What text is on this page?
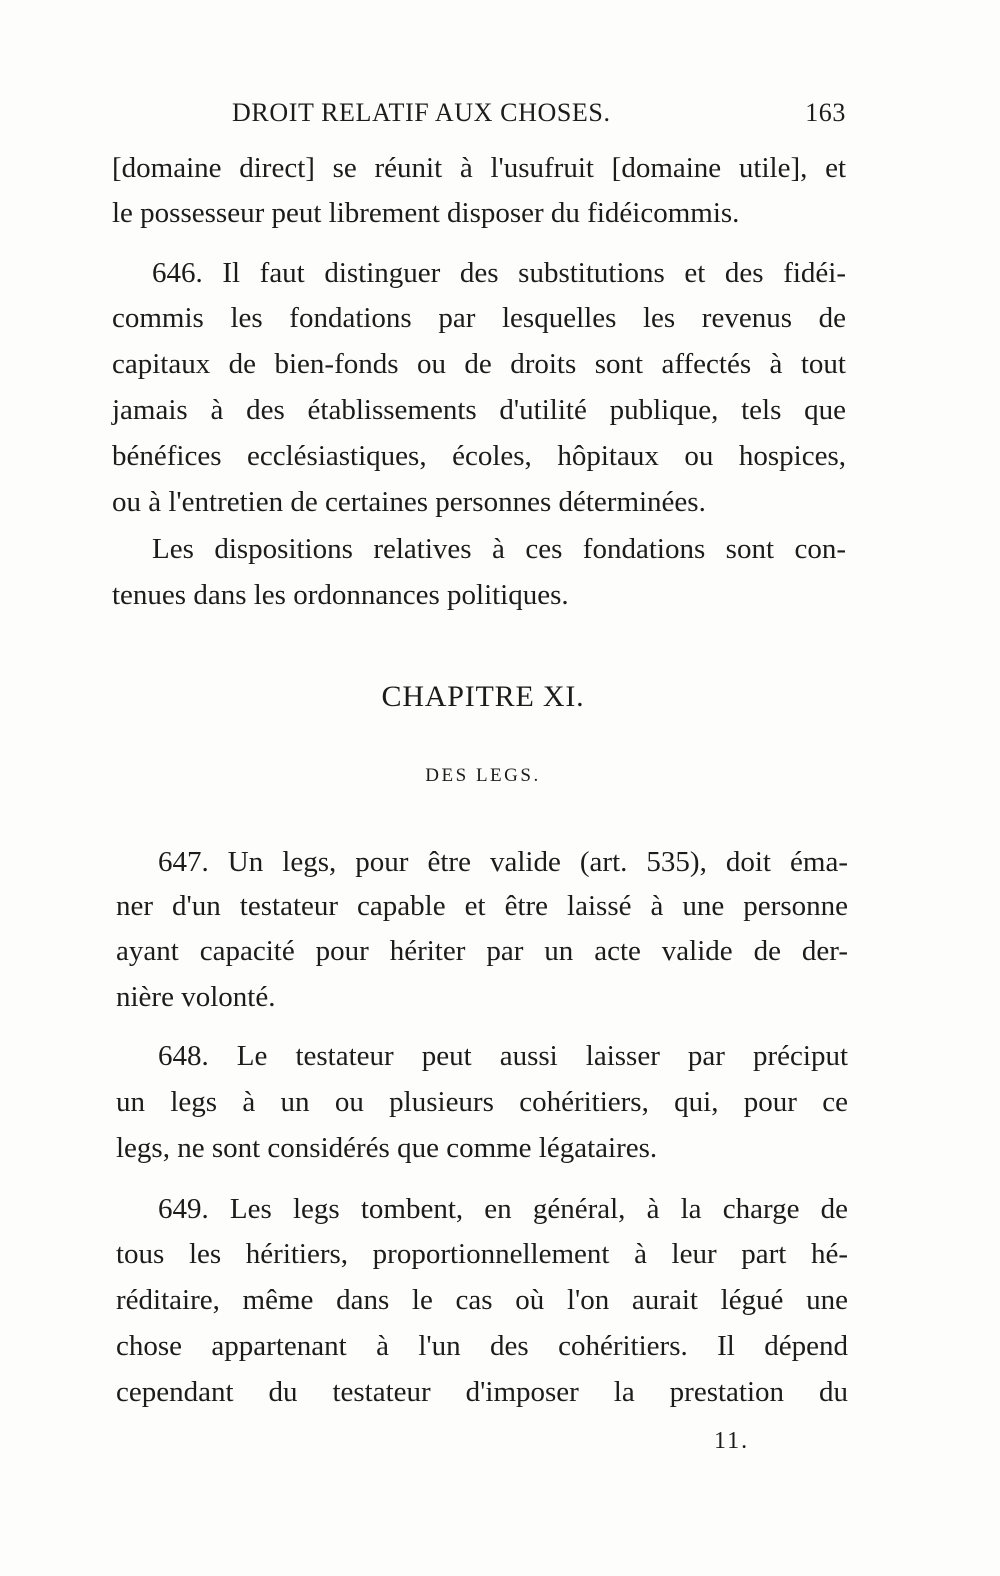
DROIT RELATIF AUX CHOSES.	163
[domaine direct] se réunit à l'usufruit [domaine utile], et
le possesseur peut librement disposer du fidéicommis.
646. Il faut distinguer des substitutions et des fidéi-
commis les fondations par lesquelles les revenus de
capitaux de bien-fonds ou de droits sont affectés à tout
jamais à des établissements d'utilité publique, tels que
bénéfices ecclésiastiques, écoles, hôpitaux ou hospices,
ou à l'entretien de certaines personnes déterminées.
Les dispositions relatives à ces fondations sont con-
tenues dans les ordonnances politiques.
CHAPITRE XI.
DES LEGS.
647. Un legs, pour être valide (art. 535), doit éma-
ner d'un testateur capable et être laissé à une personne
ayant capacité pour hériter par un acte valide de der-
nière volonté.
648. Le testateur peut aussi laisser par préciput
un legs à un ou plusieurs cohéritiers, qui, pour ce
legs, ne sont considérés que comme légataires.
649. Les legs tombent, en général, à la charge de
tous les héritiers, proportionnellement à leur part hé-
réditaire, même dans le cas où l'on aurait légué une
chose appartenant à l'un des cohéritiers. Il dépend
cependant du testateur d'imposer la prestation du
11.
